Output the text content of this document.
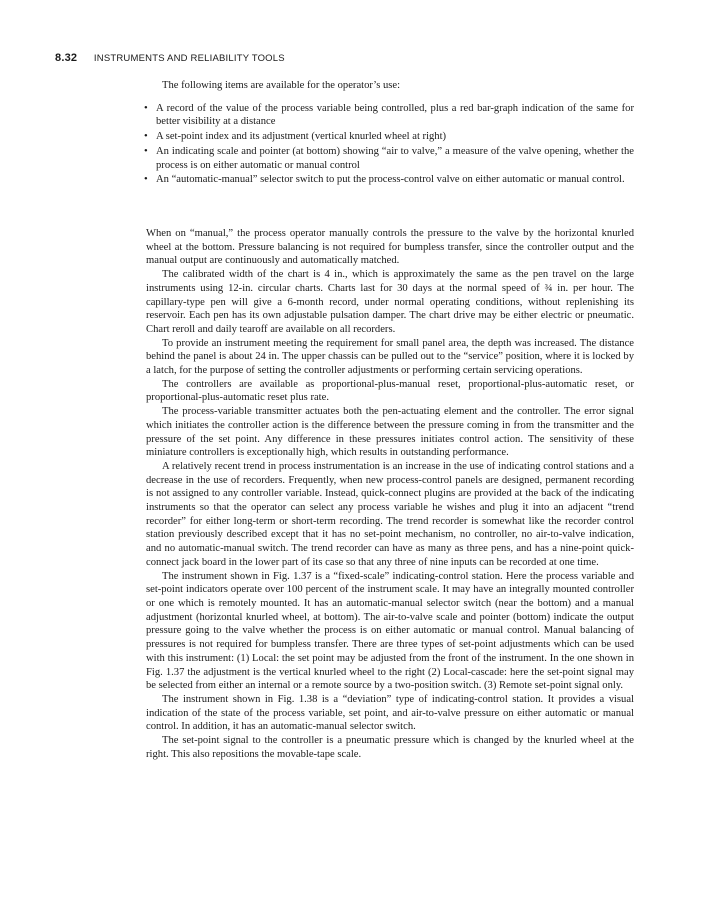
8.32 INSTRUMENTS AND RELIABILITY TOOLS

The following items are available for the operator’s use:

• A record of the value of the process variable being controlled, plus a red bar-graph indication of the same for better visibility at a distance
• A set-point index and its adjustment (vertical knurled wheel at right)
• An indicating scale and pointer (at bottom) showing “air to valve,” a measure of the valve opening, whether the process is on either automatic or manual control
• An “automatic-manual” selector switch to put the process-control valve on either automatic or manual control.

When on “manual,” the process operator manually controls the pressure to the valve by the horizontal knurled wheel at the bottom. Pressure balancing is not required for bumpless transfer, since the controller output and the manual output are continuously and automatically matched.

The calibrated width of the chart is 4 in., which is approximately the same as the pen travel on the large instruments using 12-in. circular charts. Charts last for 30 days at the normal speed of ¾ in. per hour. The capillary-type pen will give a 6-month record, under normal operating conditions, without replenishing its reservoir. Each pen has its own adjustable pulsation damper. The chart drive may be either electric or pneumatic. Chart reroll and daily tearoff are available on all recorders.

To provide an instrument meeting the requirement for small panel area, the depth was increased. The distance behind the panel is about 24 in. The upper chassis can be pulled out to the “service” position, where it is locked by a latch, for the purpose of setting the controller adjustments or performing certain servicing operations.

The controllers are available as proportional-plus-manual reset, proportional-plus-automatic reset, or proportional-plus-automatic reset plus rate.

The process-variable transmitter actuates both the pen-actuating element and the controller. The error signal which initiates the controller action is the difference between the pressure coming in from the transmitter and the pressure of the set point. Any difference in these pressures initiates control action. The sensitivity of these miniature controllers is exceptionally high, which results in outstanding performance.

A relatively recent trend in process instrumentation is an increase in the use of indicating control stations and a decrease in the use of recorders. Frequently, when new process-control panels are designed, permanent recording is not assigned to any controller variable. Instead, quick-connect plugins are provided at the back of the indicating instruments so that the operator can select any process variable he wishes and plug it into an adjacent “trend recorder” for either long-term or short-term recording. The trend recorder is somewhat like the recorder control station previously described except that it has no set-point mechanism, no controller, no air-to-valve indication, and no automatic-manual switch. The trend recorder can have as many as three pens, and has a nine-point quick-connect jack board in the lower part of its case so that any three of nine inputs can be recorded at one time.

The instrument shown in Fig. 1.37 is a “fixed-scale” indicating-control station. Here the process variable and set-point indicators operate over 100 percent of the instrument scale. It may have an integrally mounted controller or one which is remotely mounted. It has an automatic-manual selector switch (near the bottom) and a manual adjustment (horizontal knurled wheel, at bottom). The air-to-valve scale and pointer (bottom) indicate the output pressure going to the valve whether the process is on either automatic or manual control. Manual balancing of pressures is not required for bumpless transfer. There are three types of set-point adjustments which can be used with this instrument: (1) Local: the set point may be adjusted from the front of the instrument. In the one shown in Fig. 1.37 the adjustment is the vertical knurled wheel to the right (2) Local-cascade: here the set-point signal may be selected from either an internal or a remote source by a two-position switch. (3) Remote set-point signal only.

The instrument shown in Fig. 1.38 is a “deviation” type of indicating-control station. It provides a visual indication of the state of the process variable, set point, and air-to-valve pressure on either automatic or manual control. In addition, it has an automatic-manual selector switch.

The set-point signal to the controller is a pneumatic pressure which is changed by the knurled wheel at the right. This also repositions the movable-tape scale.
